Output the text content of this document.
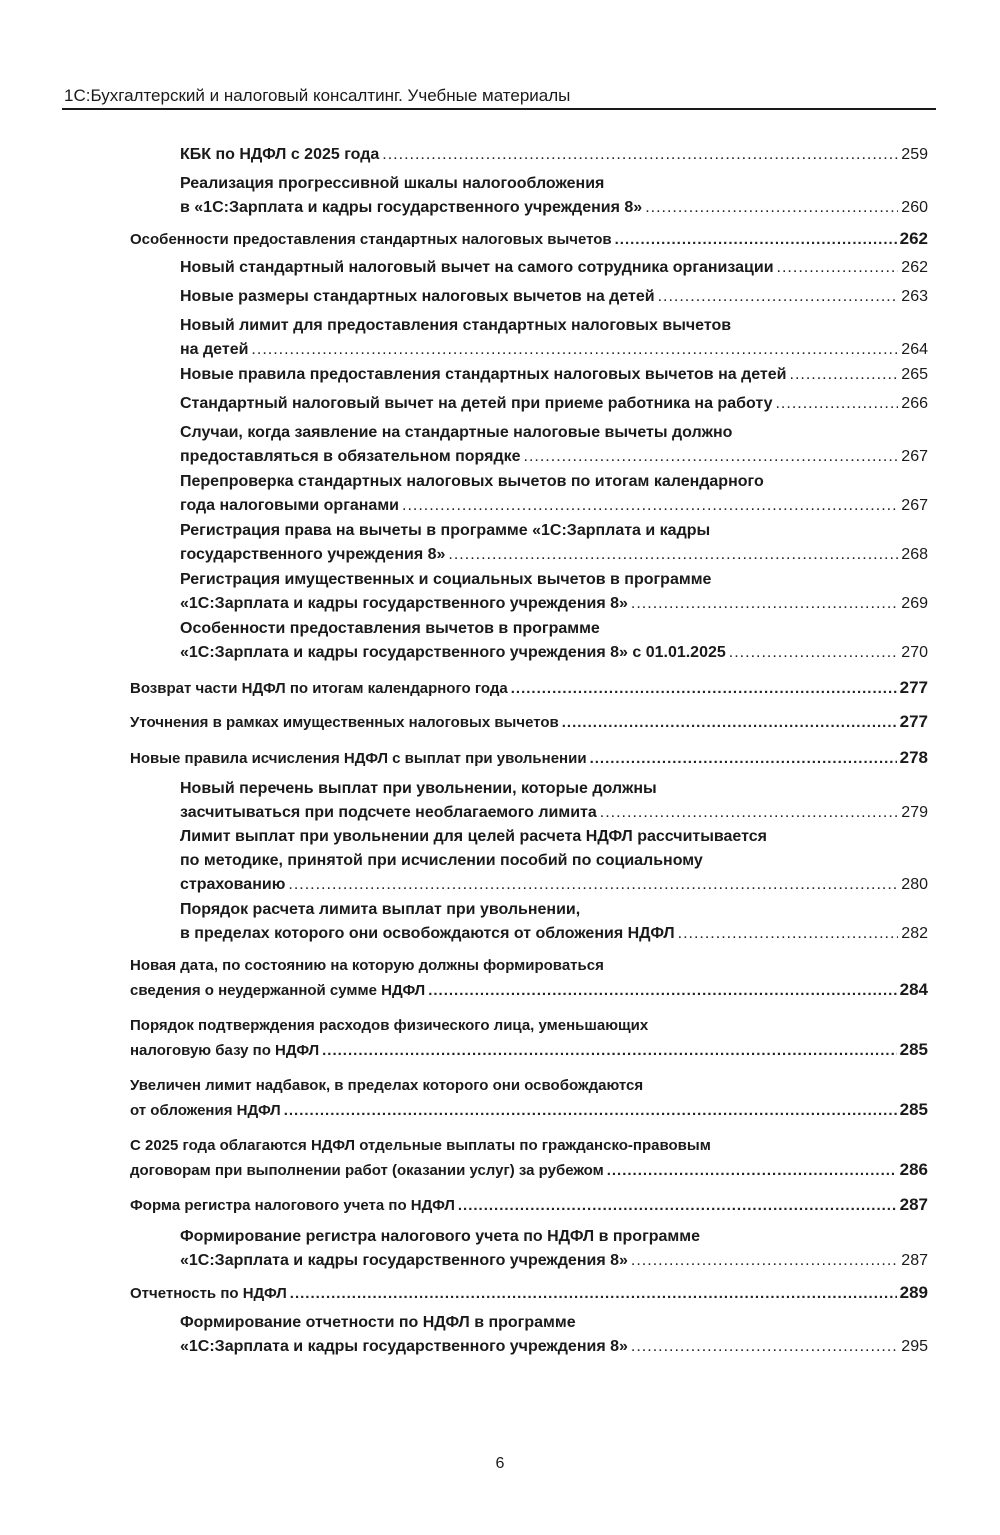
1С:Бухгалтерский и налоговый консалтинг. Учебные материалы
КБК по НДФЛ с 2025 года .....	259
Реализация прогрессивной шкалы налогообложения
в «1С:Зарплата и кадры государственного учреждения 8» .....	260
Особенности предоставления стандартных налоговых вычетов .....	262
Новый стандартный налоговый вычет на самого сотрудника организации .....	262
Новые размеры стандартных налоговых вычетов на детей .....	263
Новый лимит для предоставления стандартных налоговых вычетов
на детей .....	264
Новые правила предоставления стандартных налоговых вычетов на детей .....	265
Стандартный налоговый вычет на детей при приеме работника на работу .....	266
Случаи, когда заявление на стандартные налоговые вычеты должно
предоставляться в обязательном порядке .....	267
Перепроверка стандартных налоговых вычетов по итогам календарного
года налоговыми органами .....	267
Регистрация права на вычеты в программе «1С:Зарплата и кадры
государственного учреждения 8» .....	268
Регистрация имущественных и социальных вычетов в программе
«1С:Зарплата и кадры государственного учреждения 8» .....	269
Особенности предоставления вычетов в программе
«1С:Зарплата и кадры государственного учреждения 8» с 01.01.2025 .....	270
Возврат части НДФЛ по итогам календарного года .....	277
Уточнения в рамках имущественных налоговых вычетов .....	277
Новые правила исчисления НДФЛ с выплат при увольнении .....	278
Новый перечень выплат при увольнении, которые должны
засчитываться при подсчете необлагаемого лимита .....	279
Лимит выплат при увольнении для целей расчета НДФЛ рассчитывается
по методике, принятой при исчислении пособий по социальному
страхованию .....	280
Порядок расчета лимита выплат при увольнении,
в пределах которого они освобождаются от обложения НДФЛ .....	282
Новая дата, по состоянию на которую должны формироваться
сведения о неудержанной сумме НДФЛ .....	284
Порядок подтверждения расходов физического лица, уменьшающих
налоговую базу по НДФЛ .....	285
Увеличен лимит надбавок, в пределах которого они освобождаются
от обложения НДФЛ .....	285
С 2025 года облагаются НДФЛ отдельные выплаты по гражданско-правовым
договорам при выполнении работ (оказании услуг) за рубежом .....	286
Форма регистра налогового учета по НДФЛ .....	287
Формирование регистра налогового учета по НДФЛ в программе
«1С:Зарплата и кадры государственного учреждения 8» .....	287
Отчетность по НДФЛ .....	289
Формирование отчетности по НДФЛ в программе
«1С:Зарплата и кадры государственного учреждения 8» .....	295
6
